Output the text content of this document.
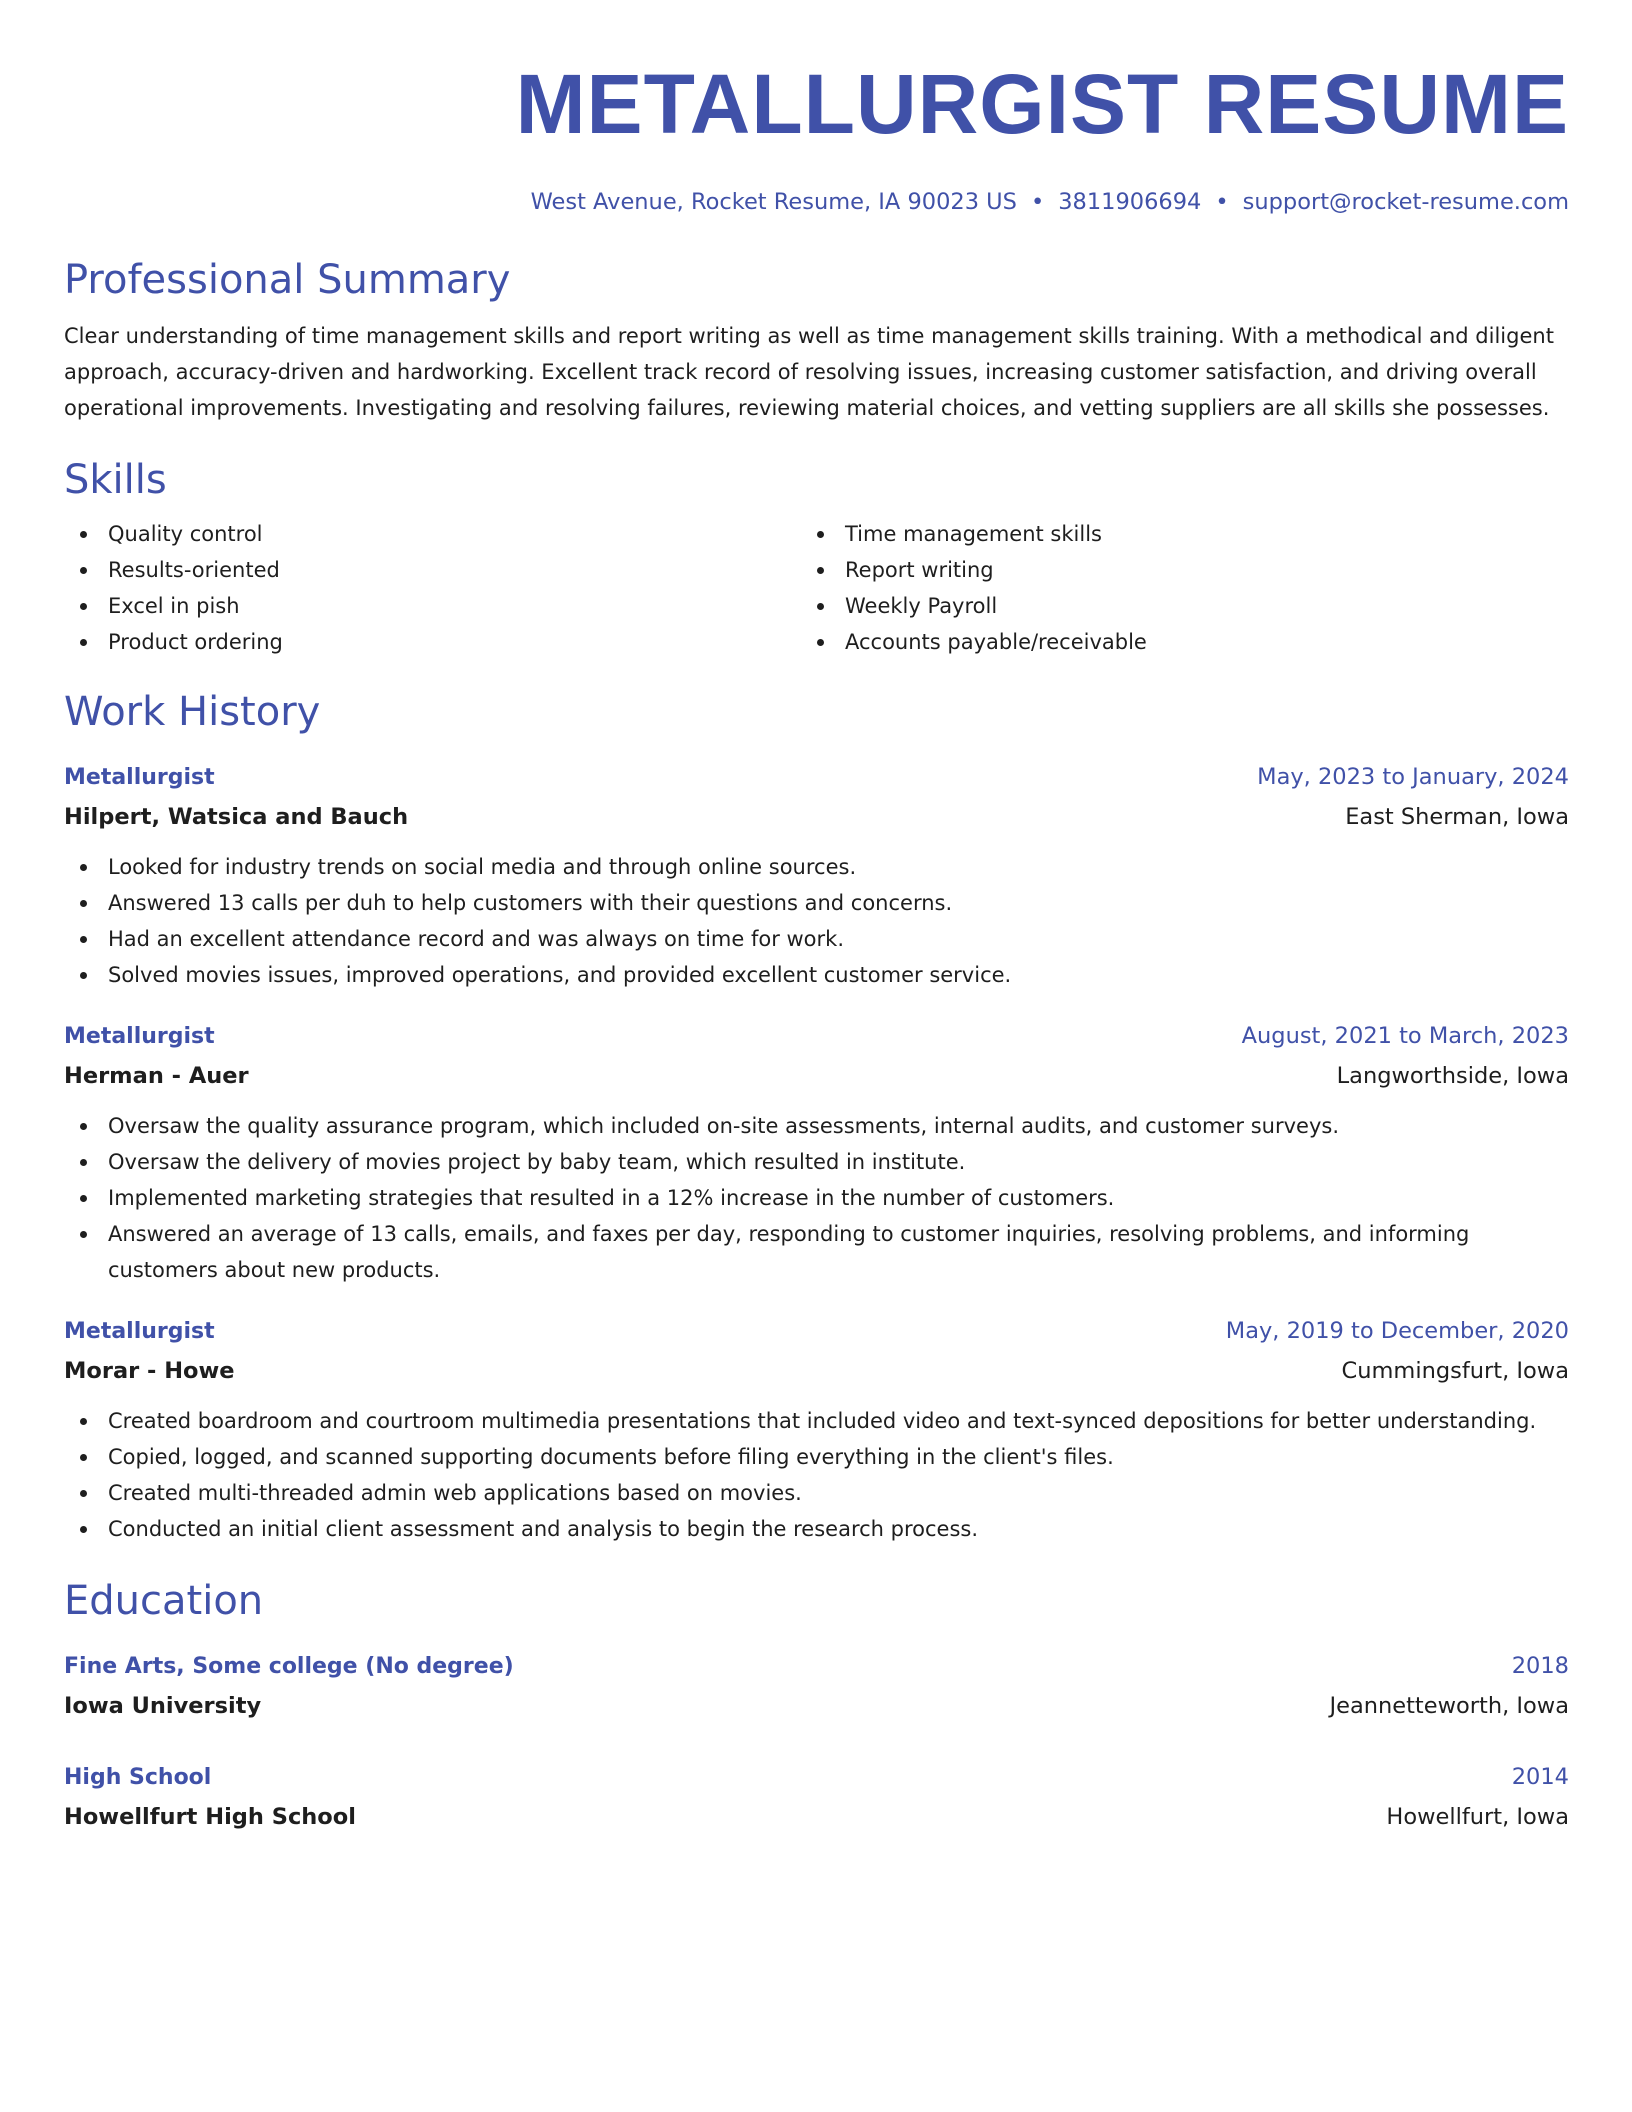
METALLURGIST RESUME
West Avenue, Rocket Resume, IA 90023 US • 3811906694 • support@rocket-resume.com
Professional Summary

Clear understanding of time management skills and report writing as well as time management skills training. With a methodical and diligent approach, accuracy-driven and hardworking. Excellent track record of resolving issues, increasing customer satisfaction, and driving overall operational improvements. Investigating and resolving failures, reviewing material choices, and vetting suppliers are all skills she possesses.

Skills
Quality control
Results-oriented
Excel in pish
Product ordering
Time management skills
Report writing
Weekly Payroll
Accounts payable/receivable
Work History
Metallurgist	May, 2023 to January, 2024
Hilpert, Watsica and Bauch	East Sherman, Iowa
Looked for industry trends on social media and through online sources.
Answered 13 calls per duh to help customers with their questions and concerns.
Had an excellent attendance record and was always on time for work.
Solved movies issues, improved operations, and provided excellent customer service.
Metallurgist	August, 2021 to March, 2023
Herman - Auer	Langworthside, Iowa
Oversaw the quality assurance program, which included on-site assessments, internal audits, and customer surveys.
Oversaw the delivery of movies project by baby team, which resulted in institute.
Implemented marketing strategies that resulted in a 12% increase in the number of customers.
Answered an average of 13 calls, emails, and faxes per day, responding to customer inquiries, resolving problems, and informing customers about new products.
Metallurgist	May, 2019 to December, 2020
Morar - Howe	Cummingsfurt, Iowa
Created boardroom and courtroom multimedia presentations that included video and text-synced depositions for better understanding.
Copied, logged, and scanned supporting documents before filing everything in the client's files.
Created multi-threaded admin web applications based on movies.
Conducted an initial client assessment and analysis to begin the research process.
Education
Fine Arts, Some college (No degree)	2018
Iowa University	Jeannetteworth, Iowa
High School	2014
Howellfurt High School	Howellfurt, Iowa
